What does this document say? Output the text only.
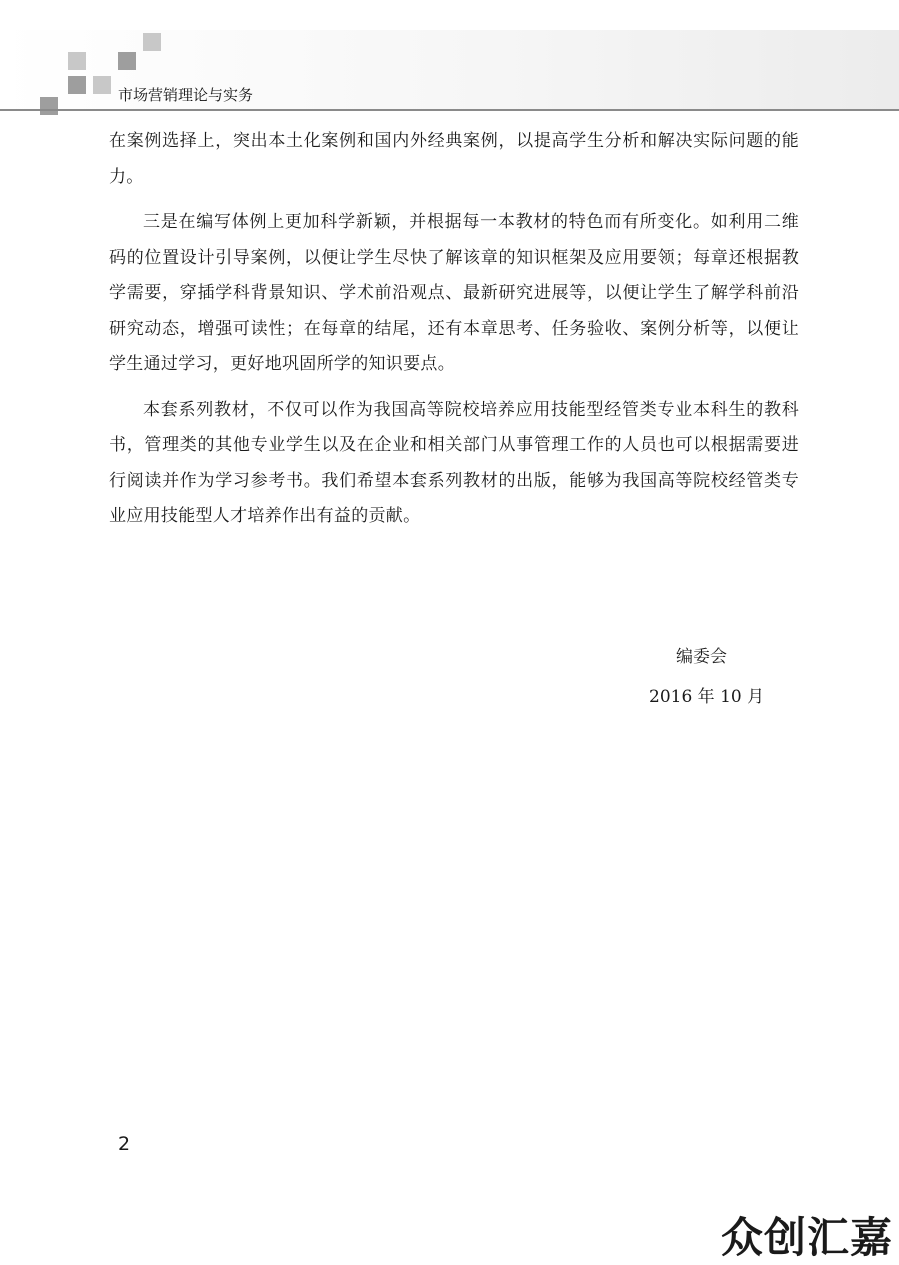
市场营销理论与实务

在案例选择上，突出本土化案例和国内外经典案例，以提高学生分析和解决实际问题的能力。

三是在编写体例上更加科学新颖，并根据每一本教材的特色而有所变化。如利用二维码的位置设计引导案例，以便让学生尽快了解该章的知识框架及应用要领；每章还根据教学需要，穿插学科背景知识、学术前沿观点、最新研究进展等，以便让学生了解学科前沿研究动态，增强可读性；在每章的结尾，还有本章思考、任务验收、案例分析等，以便让学生通过学习，更好地巩固所学的知识要点。

本套系列教材，不仅可以作为我国高等院校培养应用技能型经管类专业本科生的教科书，管理类的其他专业学生以及在企业和相关部门从事管理工作的人员也可以根据需要进行阅读并作为学习参考书。我们希望本套系列教材的出版，能够为我国高等院校经管类专业应用技能型人才培养作出有益的贡献。

编委会
2016 年 10 月
2
众创汇嘉
